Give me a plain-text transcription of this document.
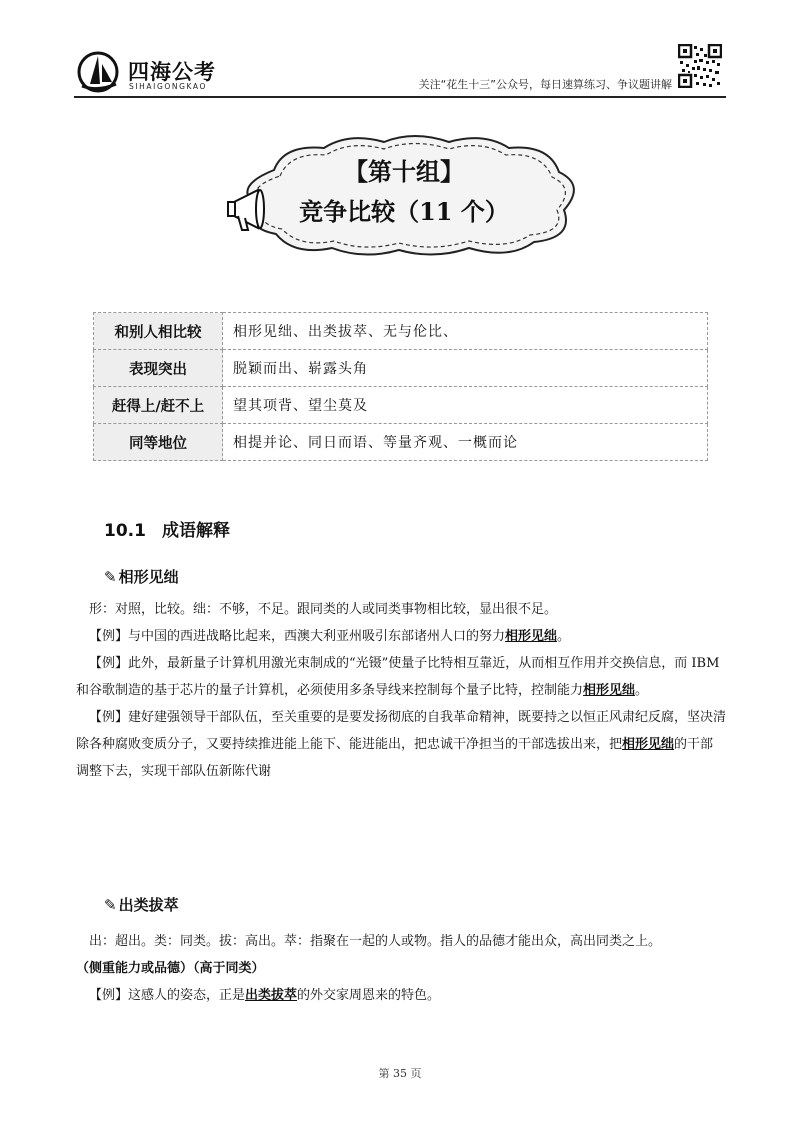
四海公考
SIHAIGONGKAO	关注“花生十三”公众号，每日速算练习、争议题讲解
【第十组】
竞争比较（11 个）
和别人相比较	相形见绌、出类拔萃、无与伦比、
表现突出	脱颖而出、崭露头角
赶得上/赶不上	望其项背、望尘莫及
同等地位	相提并论、同日而语、等量齐观、一概而论
10.1 成语解释
✎ 相形见绌

形：对照，比较。绌：不够，不足。跟同类的人或同类事物相比较，显出很不足。

【例】与中国的西进战略比起来，西澳大利亚州吸引东部诸州人口的努力相形见绌。

【例】此外，最新量子计算机用激光束制成的“光镊”使量子比特相互靠近，从而相互作用并交换信息，而 IBM 和谷歌制造的基于芯片的量子计算机，必须使用多条导线来控制每个量子比特，控制能力相形见绌。

【例】建好建强领导干部队伍，至关重要的是要发扬彻底的自我革命精神，既要持之以恒正风肃纪反腐，坚决清除各种腐败变质分子，又要持续推进能上能下、能进能出，把忠诚干净担当的干部选拔出来，把相形见绌的干部调整下去，实现干部队伍新陈代谢

✎ 出类拔萃

出：超出。类：同类。拔：高出。萃：指聚在一起的人或物。指人的品德才能出众，高出同类之上。

（侧重能力或品德）（高于同类）

【例】这感人的姿态，正是出类拔萃的外交家周恩来的特色。

第 35 页
